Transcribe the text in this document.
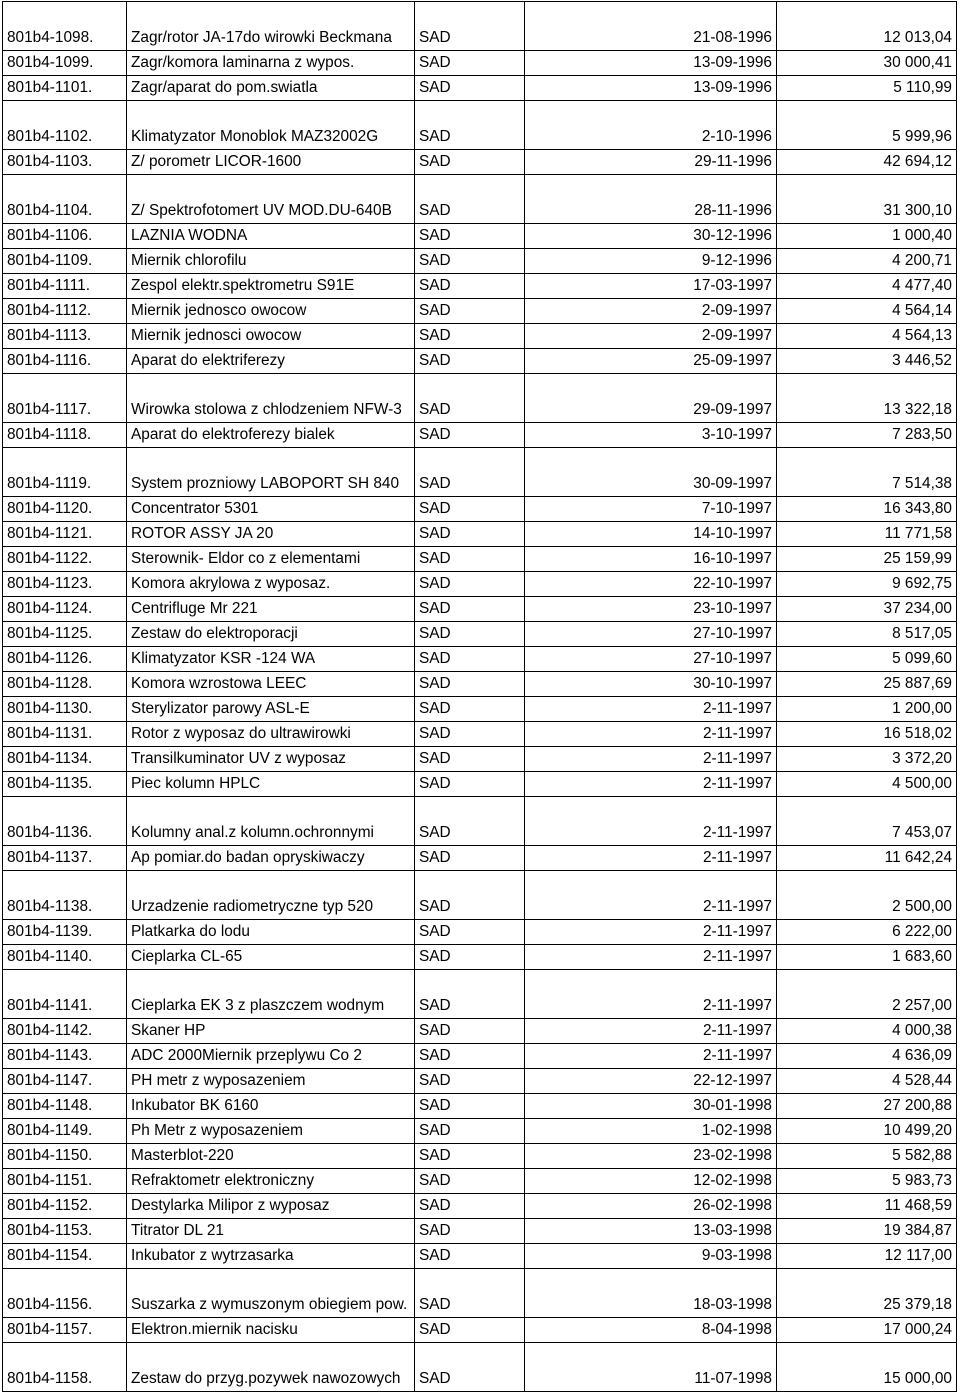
801b4-1098.	Zagr/rotor JA-17do wirowki Beckmana	SAD	21-08-1996	12 013,04
801b4-1099.	Zagr/komora laminarna z wypos.	SAD	13-09-1996	30 000,41
801b4-1101.	Zagr/aparat do pom.swiatla	SAD	13-09-1996	5 110,99
801b4-1102.	Klimatyzator Monoblok MAZ32002G	SAD	2-10-1996	5 999,96
801b4-1103.	Z/ porometr LICOR-1600	SAD	29-11-1996	42 694,12
801b4-1104.	Z/ Spektrofotomert UV MOD.DU-640B	SAD	28-11-1996	31 300,10
801b4-1106.	LAZNIA WODNA	SAD	30-12-1996	1 000,40
801b4-1109.	Miernik chlorofilu	SAD	9-12-1996	4 200,71
801b4-1111.	Zespol elektr.spektrometru S91E	SAD	17-03-1997	4 477,40
801b4-1112.	Miernik jednosco owocow	SAD	2-09-1997	4 564,14
801b4-1113.	Miernik jednosci owocow	SAD	2-09-1997	4 564,13
801b4-1116.	Aparat do elektriferezy	SAD	25-09-1997	3 446,52
801b4-1117.	Wirowka stolowa z chlodzeniem NFW-3	SAD	29-09-1997	13 322,18
801b4-1118.	Aparat do elektroferezy bialek	SAD	3-10-1997	7 283,50
801b4-1119.	System prozniowy LABOPORT SH 840	SAD	30-09-1997	7 514,38
801b4-1120.	Concentrator 5301	SAD	7-10-1997	16 343,80
801b4-1121.	ROTOR ASSY JA 20	SAD	14-10-1997	11 771,58
801b4-1122.	Sterownik- Eldor co z elementami	SAD	16-10-1997	25 159,99
801b4-1123.	Komora akrylowa z wyposaz.	SAD	22-10-1997	9 692,75
801b4-1124.	Centrifluge Mr 221	SAD	23-10-1997	37 234,00
801b4-1125.	Zestaw do elektroporacji	SAD	27-10-1997	8 517,05
801b4-1126.	Klimatyzator KSR -124 WA	SAD	27-10-1997	5 099,60
801b4-1128.	Komora wzrostowa LEEC	SAD	30-10-1997	25 887,69
801b4-1130.	Sterylizator parowy ASL-E	SAD	2-11-1997	1 200,00
801b4-1131.	Rotor z wyposaz do ultrawirowki	SAD	2-11-1997	16 518,02
801b4-1134.	Transilkuminator UV z wyposaz	SAD	2-11-1997	3 372,20
801b4-1135.	Piec kolumn HPLC	SAD	2-11-1997	4 500,00
801b4-1136.	Kolumny anal.z kolumn.ochronnymi	SAD	2-11-1997	7 453,07
801b4-1137.	Ap pomiar.do badan opryskiwaczy	SAD	2-11-1997	11 642,24
801b4-1138.	Urzadzenie radiometryczne typ 520	SAD	2-11-1997	2 500,00
801b4-1139.	Platkarka do lodu	SAD	2-11-1997	6 222,00
801b4-1140.	Cieplarka CL-65	SAD	2-11-1997	1 683,60
801b4-1141.	Cieplarka EK 3 z plaszczem wodnym	SAD	2-11-1997	2 257,00
801b4-1142.	Skaner HP	SAD	2-11-1997	4 000,38
801b4-1143.	ADC 2000Miernik przeplywu Co 2	SAD	2-11-1997	4 636,09
801b4-1147.	PH metr z wyposazeniem	SAD	22-12-1997	4 528,44
801b4-1148.	Inkubator BK 6160	SAD	30-01-1998	27 200,88
801b4-1149.	Ph Metr z wyposazeniem	SAD	1-02-1998	10 499,20
801b4-1150.	Masterblot-220	SAD	23-02-1998	5 582,88
801b4-1151.	Refraktometr elektroniczny	SAD	12-02-1998	5 983,73
801b4-1152.	Destylarka Milipor z wyposaz	SAD	26-02-1998	11 468,59
801b4-1153.	Titrator DL 21	SAD	13-03-1998	19 384,87
801b4-1154.	Inkubator z wytrzasarka	SAD	9-03-1998	12 117,00
801b4-1156.	Suszarka z wymuszonym obiegiem pow.	SAD	18-03-1998	25 379,18
801b4-1157.	Elektron.miernik nacisku	SAD	8-04-1998	17 000,24
801b4-1158.	Zestaw do przyg.pozywek nawozowych	SAD	11-07-1998	15 000,00
